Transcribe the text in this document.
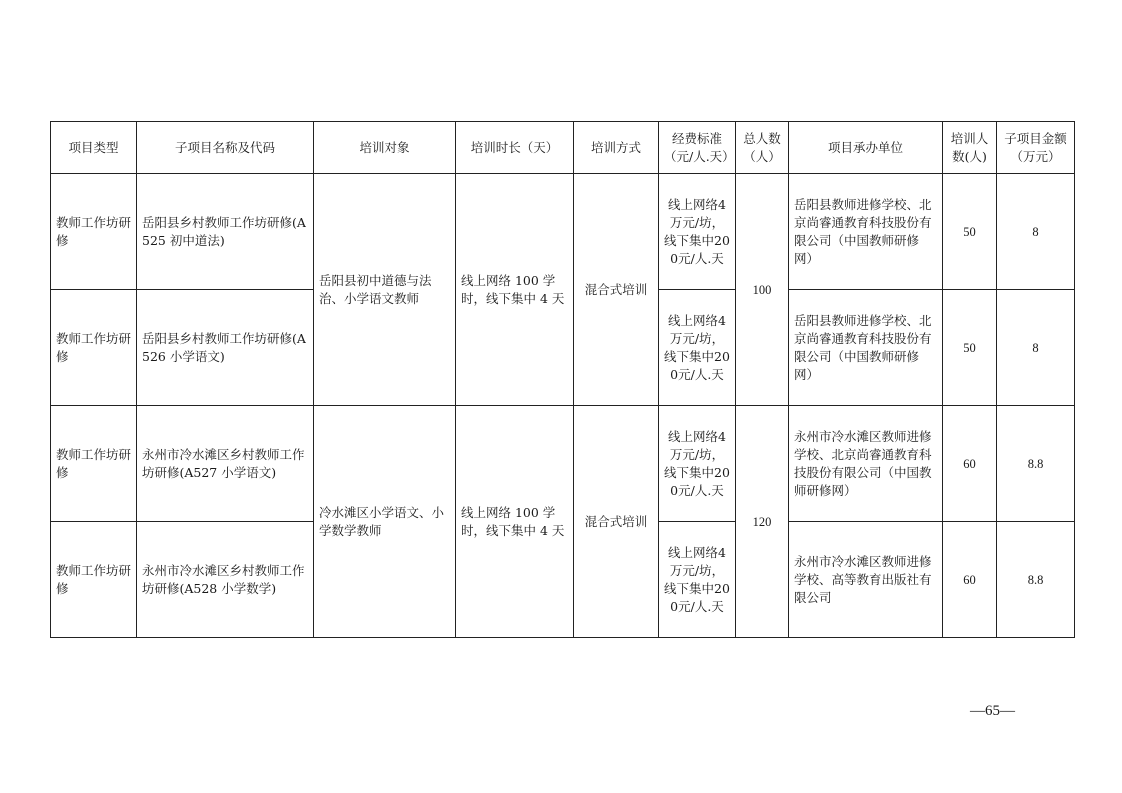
项目类型	子项目名称及代码	培训对象	培训时长（天）	培训方式	经费标准（元/人.天）	总人数（人）	项目承办单位	培训人数(人)	子项目金额（万元）
教师工作坊研修	岳阳县乡村教师工作坊研修(A525 初中道法)	岳阳县初中道德与法治、小学语文教师	线上网络 100 学时，线下集中 4 天	混合式培训	线上网络4万元/坊，线下集中200元/人.天	100	岳阳县教师进修学校、北京尚睿通教育科技股份有限公司（中国教师研修网）	50	8
教师工作坊研修	岳阳县乡村教师工作坊研修(A526 小学语文)				线上网络4万元/坊，线下集中200元/人.天		岳阳县教师进修学校、北京尚睿通教育科技股份有限公司（中国教师研修网）	50	8
教师工作坊研修	永州市冷水滩区乡村教师工作坊研修(A527 小学语文)	冷水滩区小学语文、小学数学教师	线上网络 100 学时，线下集中 4 天	混合式培训	线上网络4万元/坊，线下集中200元/人.天	120	永州市冷水滩区教师进修学校、北京尚睿通教育科技股份有限公司（中国教师研修网）	60	8.8
教师工作坊研修	永州市冷水滩区乡村教师工作坊研修(A528 小学数学)				线上网络4万元/坊，线下集中200元/人.天		永州市冷水滩区教师进修学校、高等教育出版社有限公司	60	8.8
—65—
